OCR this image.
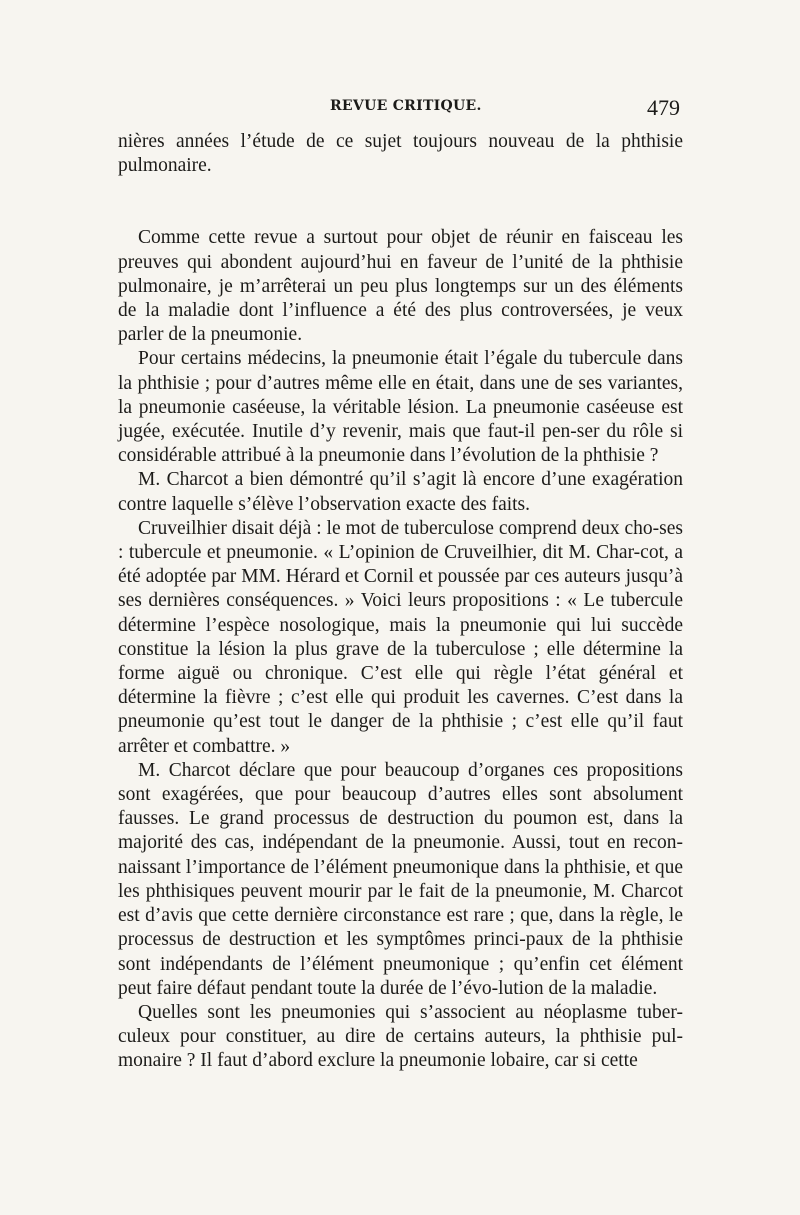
REVUE CRITIQUE.	479

nières années l’étude de ce sujet toujours nouveau de la phthisie pulmonaire.

Comme cette revue a surtout pour objet de réunir en faisceau les preuves qui abondent aujourd’hui en faveur de l’unité de la phthisie pulmonaire, je m’arrêterai un peu plus longtemps sur un des éléments de la maladie dont l’influence a été des plus controversées, je veux parler de la pneumonie.

Pour certains médecins, la pneumonie était l’égale du tubercule dans la phthisie ; pour d’autres même elle en était, dans une de ses variantes, la pneumonie caséeuse, la véritable lésion. La pneumonie caséeuse est jugée, exécutée. Inutile d’y revenir, mais que faut-il pen-ser du rôle si considérable attribué à la pneumonie dans l’évolution de la phthisie ?

M. Charcot a bien démontré qu’il s’agit là encore d’une exagération contre laquelle s’élève l’observation exacte des faits.

Cruveilhier disait déjà : le mot de tuberculose comprend deux cho-ses : tubercule et pneumonie. « L’opinion de Cruveilhier, dit M. Char-cot, a été adoptée par MM. Hérard et Cornil et poussée par ces auteurs jusqu’à ses dernières conséquences. » Voici leurs propositions : « Le tubercule détermine l’espèce nosologique, mais la pneumonie qui lui succède constitue la lésion la plus grave de la tuberculose ; elle détermine la forme aiguë ou chronique. C’est elle qui règle l’état général et détermine la fièvre ; c’est elle qui produit les cavernes. C’est dans la pneumonie qu’est tout le danger de la phthisie ; c’est elle qu’il faut arrêter et combattre. »

M. Charcot déclare que pour beaucoup d’organes ces propositions sont exagérées, que pour beaucoup d’autres elles sont absolument fausses. Le grand processus de destruction du poumon est, dans la majorité des cas, indépendant de la pneumonie. Aussi, tout en recon-naissant l’importance de l’élément pneumonique dans la phthisie, et que les phthisiques peuvent mourir par le fait de la pneumonie, M. Charcot est d’avis que cette dernière circonstance est rare ; que, dans la règle, le processus de destruction et les symptômes princi-paux de la phthisie sont indépendants de l’élément pneumonique ; qu’enfin cet élément peut faire défaut pendant toute la durée de l’évo-lution de la maladie.

Quelles sont les pneumonies qui s’associent au néoplasme tuber-culeux pour constituer, au dire de certains auteurs, la phthisie pul-monaire ? Il faut d’abord exclure la pneumonie lobaire, car si cette
